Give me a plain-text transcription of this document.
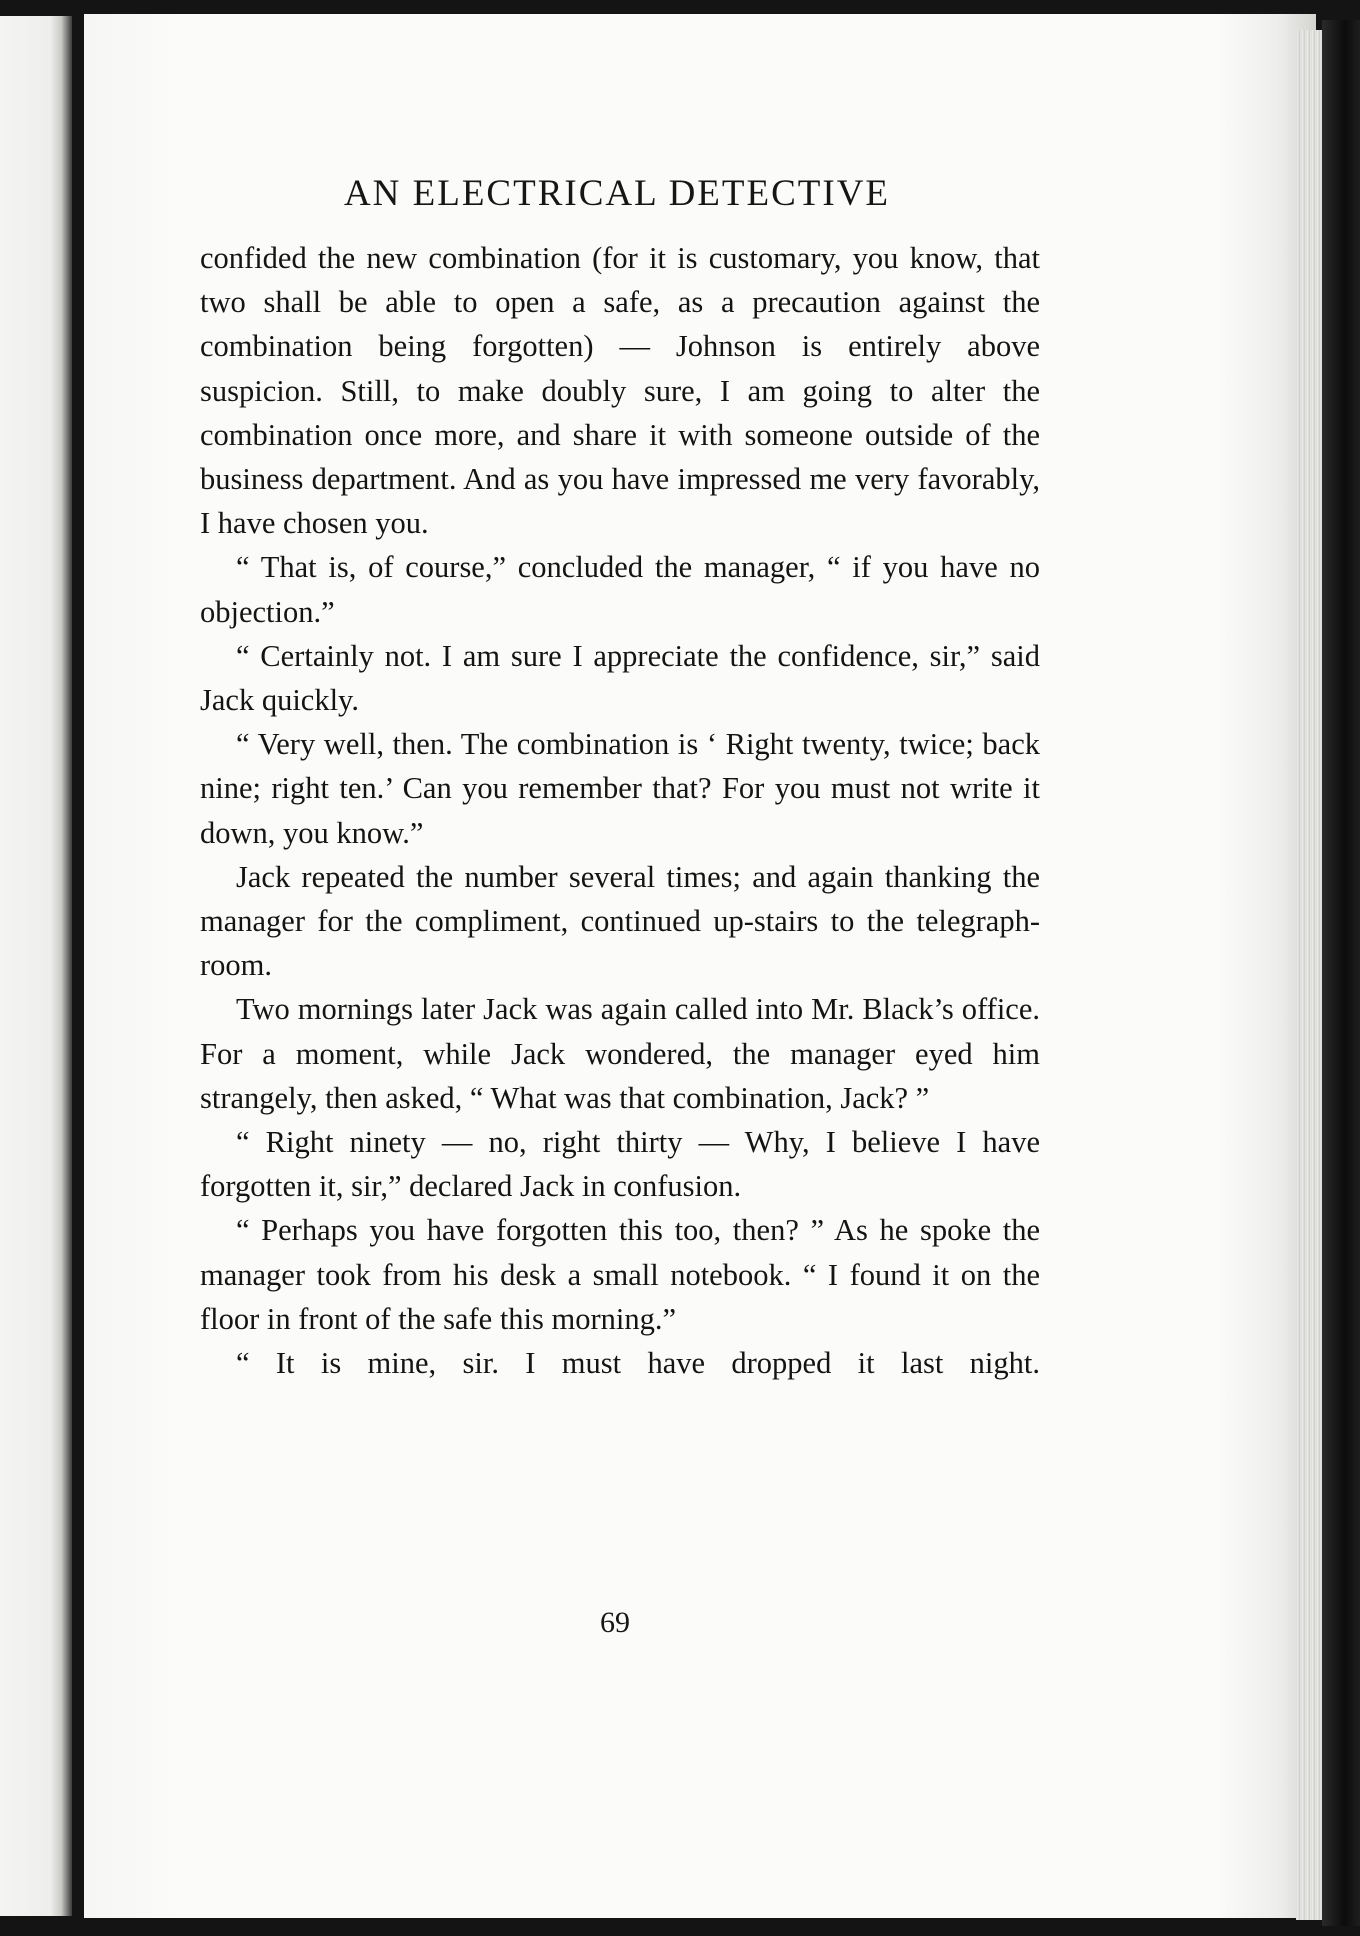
AN ELECTRICAL DETECTIVE

confided the new combination (for it is customary, you know, that two shall be able to open a safe, as a precaution against the combination being forgotten) — Johnson is entirely above suspicion. Still, to make doubly sure, I am going to alter the combination once more, and share it with someone outside of the business department. And as you have impressed me very favorably, I have chosen you.

“ That is, of course,” concluded the manager, “ if you have no objection.”

“ Certainly not. I am sure I appreciate the confidence, sir,” said Jack quickly.

“ Very well, then. The combination is ‘ Right twenty, twice; back nine; right ten.’ Can you remember that? For you must not write it down, you know.”

Jack repeated the number several times; and again thanking the manager for the compliment, continued up-stairs to the telegraph-room.

Two mornings later Jack was again called into Mr. Black’s office. For a moment, while Jack wondered, the manager eyed him strangely, then asked, “ What was that combination, Jack? ”

“ Right ninety — no, right thirty — Why, I believe I have forgotten it, sir,” declared Jack in confusion.

“ Perhaps you have forgotten this too, then? ” As he spoke the manager took from his desk a small notebook. “ I found it on the floor in front of the safe this morning.”

“ It is mine, sir. I must have dropped it last night.

69
